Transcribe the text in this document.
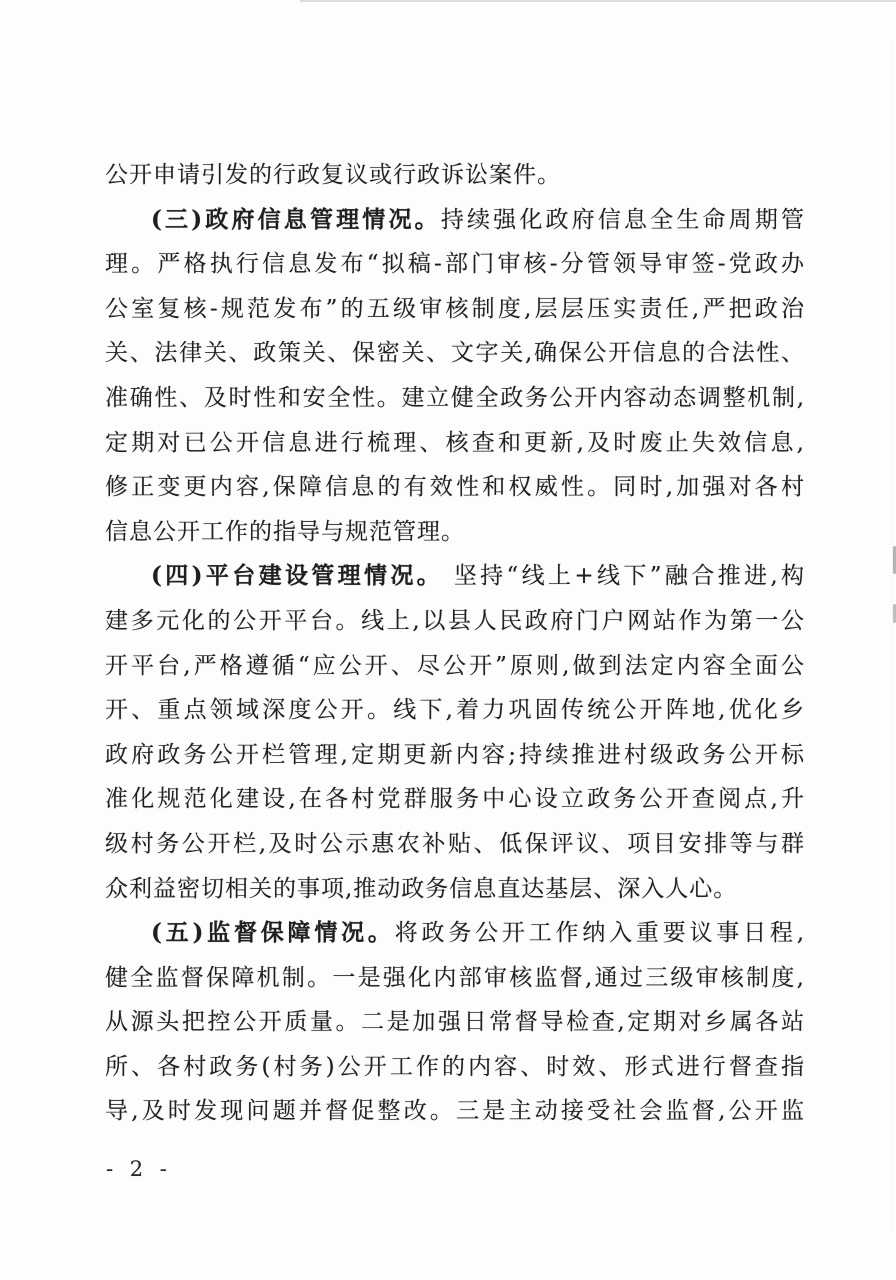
公开申请引发的行政复议或行政诉讼案件。
(三)政府信息管理情况。持续强化政府信息全生命周期管
理。严格执行信息发布“拟稿-部门审核-分管领导审签-党政办
公室复核-规范发布”的五级审核制度,层层压实责任,严把政治
关、法律关、政策关、保密关、文字关,确保公开信息的合法性、
准确性、及时性和安全性。建立健全政务公开内容动态调整机制,
定期对已公开信息进行梳理、核查和更新,及时废止失效信息,
修正变更内容,保障信息的有效性和权威性。同时,加强对各村
信息公开工作的指导与规范管理。
(四)平台建设管理情况。 坚持“线上+线下”融合推进,构
建多元化的公开平台。线上,以县人民政府门户网站作为第一公
开平台,严格遵循“应公开、尽公开”原则,做到法定内容全面公
开、重点领域深度公开。线下,着力巩固传统公开阵地,优化乡
政府政务公开栏管理,定期更新内容;持续推进村级政务公开标
准化规范化建设,在各村党群服务中心设立政务公开查阅点,升
级村务公开栏,及时公示惠农补贴、低保评议、项目安排等与群
众利益密切相关的事项,推动政务信息直达基层、深入人心。
(五)监督保障情况。将政务公开工作纳入重要议事日程,
健全监督保障机制。一是强化内部审核监督,通过三级审核制度,
从源头把控公开质量。二是加强日常督导检查,定期对乡属各站
所、各村政务(村务)公开工作的内容、时效、形式进行督查指
导,及时发现问题并督促整改。三是主动接受社会监督,公开监
- 2 -
